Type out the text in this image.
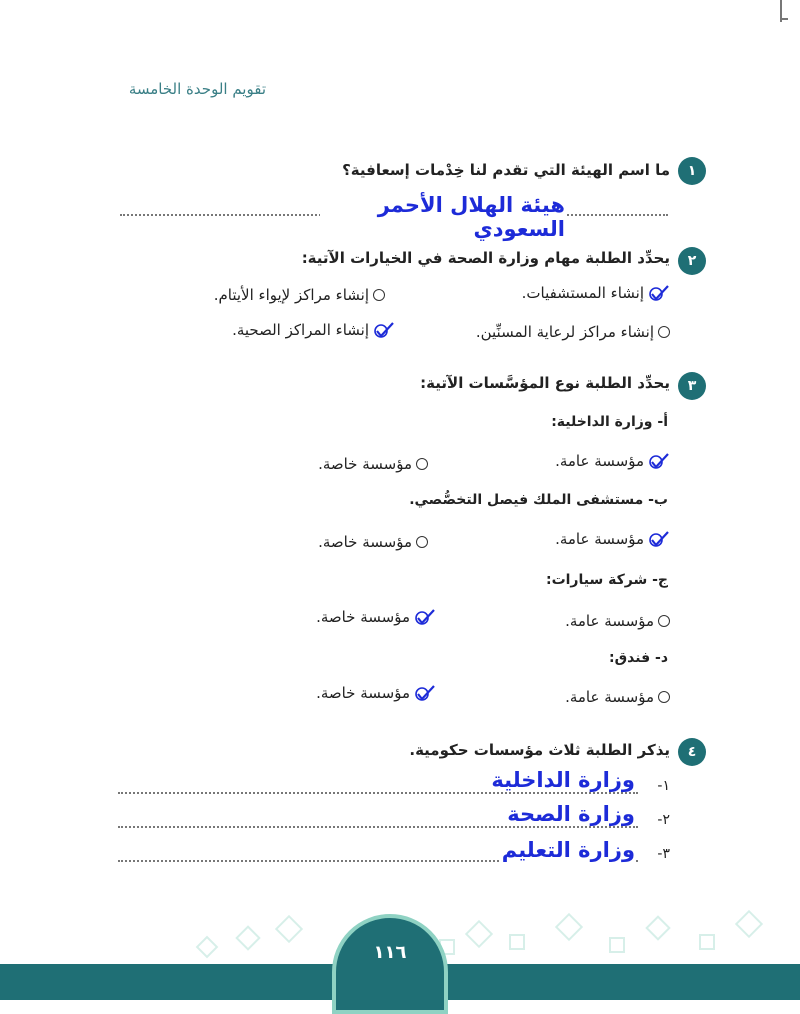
تقويم الوحدة الخامسة
١
ما اسم الهيئة التي تقدم لنا خِدْمات إسعافية؟
هيئة الهلال الأحمر السعودي
٢
يحدِّد الطلبة مهام وزارة الصحة في الخيارات الآتية:
إنشاء المستشفيات.
إنشاء مراكز لإيواء الأيتام.
إنشاء مراكز لرعاية المسنِّين.
إنشاء المراكز الصحية.
٣
يحدِّد الطلبة نوع المؤسَّسات الآتية:
أ- وزارة الداخلية:
مؤسسة عامة.
مؤسسة خاصة.
ب- مستشفى الملك فيصل التخصُّصي.
مؤسسة عامة.
مؤسسة خاصة.
ج- شركة سيارات:
مؤسسة عامة.
مؤسسة خاصة.
د- فندق:
مؤسسة عامة.
مؤسسة خاصة.
٤
يذكر الطلبة ثلاث مؤسسات حكومية.
١-
وزارة الداخلية
٢-
وزارة الصحة
٣-
وزارة التعليم
١١٦
